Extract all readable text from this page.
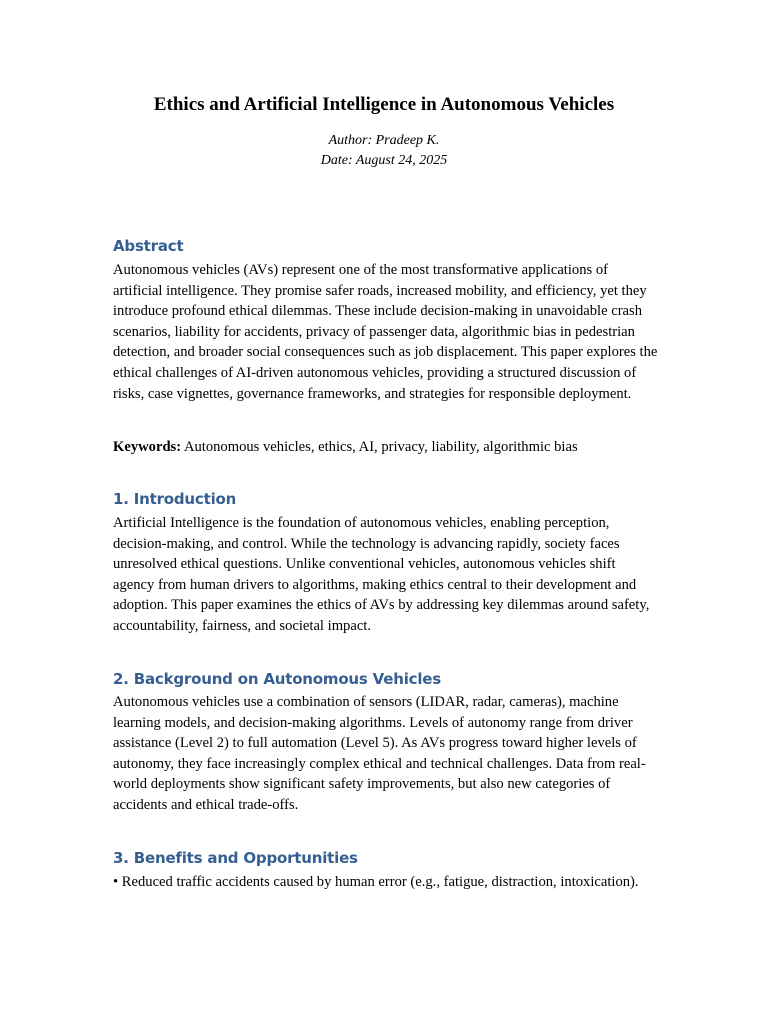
Ethics and Artificial Intelligence in Autonomous Vehicles

Author: Pradeep K.

Date: August 24, 2025

Abstract

Autonomous vehicles (AVs) represent one of the most transformative applications of artificial intelligence. They promise safer roads, increased mobility, and efficiency, yet they introduce profound ethical dilemmas. These include decision-making in unavoidable crash scenarios, liability for accidents, privacy of passenger data, algorithmic bias in pedestrian detection, and broader social consequences such as job displacement. This paper explores the ethical challenges of AI-driven autonomous vehicles, providing a structured discussion of risks, case vignettes, governance frameworks, and strategies for responsible deployment.

Keywords: Autonomous vehicles, ethics, AI, privacy, liability, algorithmic bias

1. Introduction

Artificial Intelligence is the foundation of autonomous vehicles, enabling perception, decision-making, and control. While the technology is advancing rapidly, society faces unresolved ethical questions. Unlike conventional vehicles, autonomous vehicles shift agency from human drivers to algorithms, making ethics central to their development and adoption. This paper examines the ethics of AVs by addressing key dilemmas around safety, accountability, fairness, and societal impact.

2. Background on Autonomous Vehicles

Autonomous vehicles use a combination of sensors (LIDAR, radar, cameras), machine learning models, and decision-making algorithms. Levels of autonomy range from driver assistance (Level 2) to full automation (Level 5). As AVs progress toward higher levels of autonomy, they face increasingly complex ethical and technical challenges. Data from real-world deployments show significant safety improvements, but also new categories of accidents and ethical trade-offs.

3. Benefits and Opportunities

• Reduced traffic accidents caused by human error (e.g., fatigue, distraction, intoxication).
